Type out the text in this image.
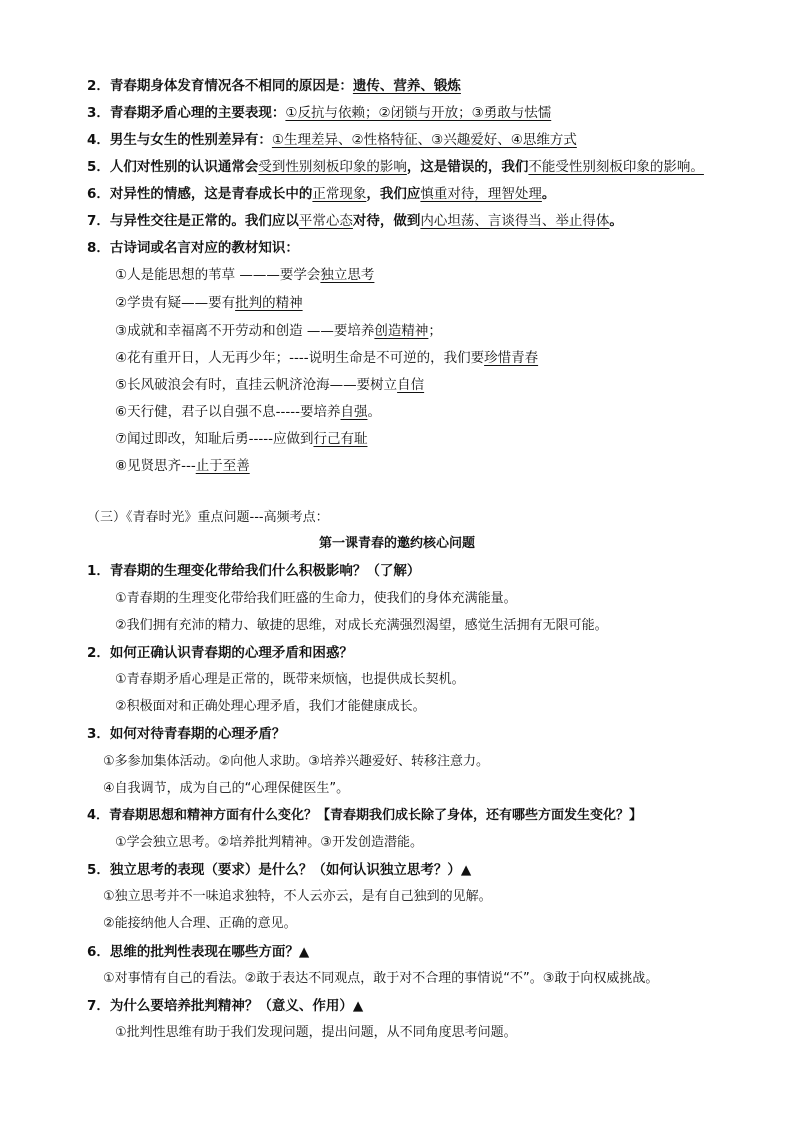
2．青春期身体发育情况各不相同的原因是：遗传、营养、锻炼
3．青春期矛盾心理的主要表现：①反抗与依赖；②闭锁与开放；③勇敢与怯懦
4．男生与女生的性别差异有：①生理差异、②性格特征、③兴趣爱好、④思维方式
5．人们对性别的认识通常会受到性别刻板印象的影响，这是错误的，我们不能受性别刻板印象的影响。
6．对异性的情感，这是青春成长中的正常现象，我们应慎重对待，理智处理。
7．与异性交往是正常的。我们应以平常心态对待，做到内心坦荡、言谈得当、举止得体。
8．古诗词或名言对应的教材知识：
①人是能思想的苇草 ———要学会独立思考
②学贵有疑——要有批判的精神
③成就和幸福离不开劳动和创造 ——要培养创造精神；
④花有重开日，人无再少年；----说明生命是不可逆的，我们要珍惜青春
⑤长风破浪会有时，直挂云帆济沧海——要树立自信
⑥天行健，君子以自强不息-----要培养自强。
⑦闻过即改，知耻后勇-----应做到行己有耻
⑧见贤思齐---止于至善
（三）《青春时光》重点问题---高频考点：
第一课青春的邀约核心问题
1．青春期的生理变化带给我们什么积极影响？（了解）
①青春期的生理变化带给我们旺盛的生命力，使我们的身体充满能量。
②我们拥有充沛的精力、敏捷的思维，对成长充满强烈渴望，感觉生活拥有无限可能。
2．如何正确认识青春期的心理矛盾和困惑？
①青春期矛盾心理是正常的，既带来烦恼，也提供成长契机。
②积极面对和正确处理心理矛盾，我们才能健康成长。
3．如何对待青春期的心理矛盾？
①多参加集体活动。②向他人求助。③培养兴趣爱好、转移注意力。
④自我调节，成为自己的“心理保健医生”。
4．青春期思想和精神方面有什么变化？【青春期我们成长除了身体，还有哪些方面发生变化？】
①学会独立思考。②培养批判精神。③开发创造潜能。
5．独立思考的表现（要求）是什么？（如何认识独立思考？）▲
①独立思考并不一味追求独特，不人云亦云，是有自己独到的见解。
②能接纳他人合理、正确的意见。
6．思维的批判性表现在哪些方面？▲
①对事情有自己的看法。②敢于表达不同观点，敢于对不合理的事情说“不”。③敢于向权威挑战。
7．为什么要培养批判精神？（意义、作用）▲
①批判性思维有助于我们发现问题，提出问题，从不同角度思考问题。
